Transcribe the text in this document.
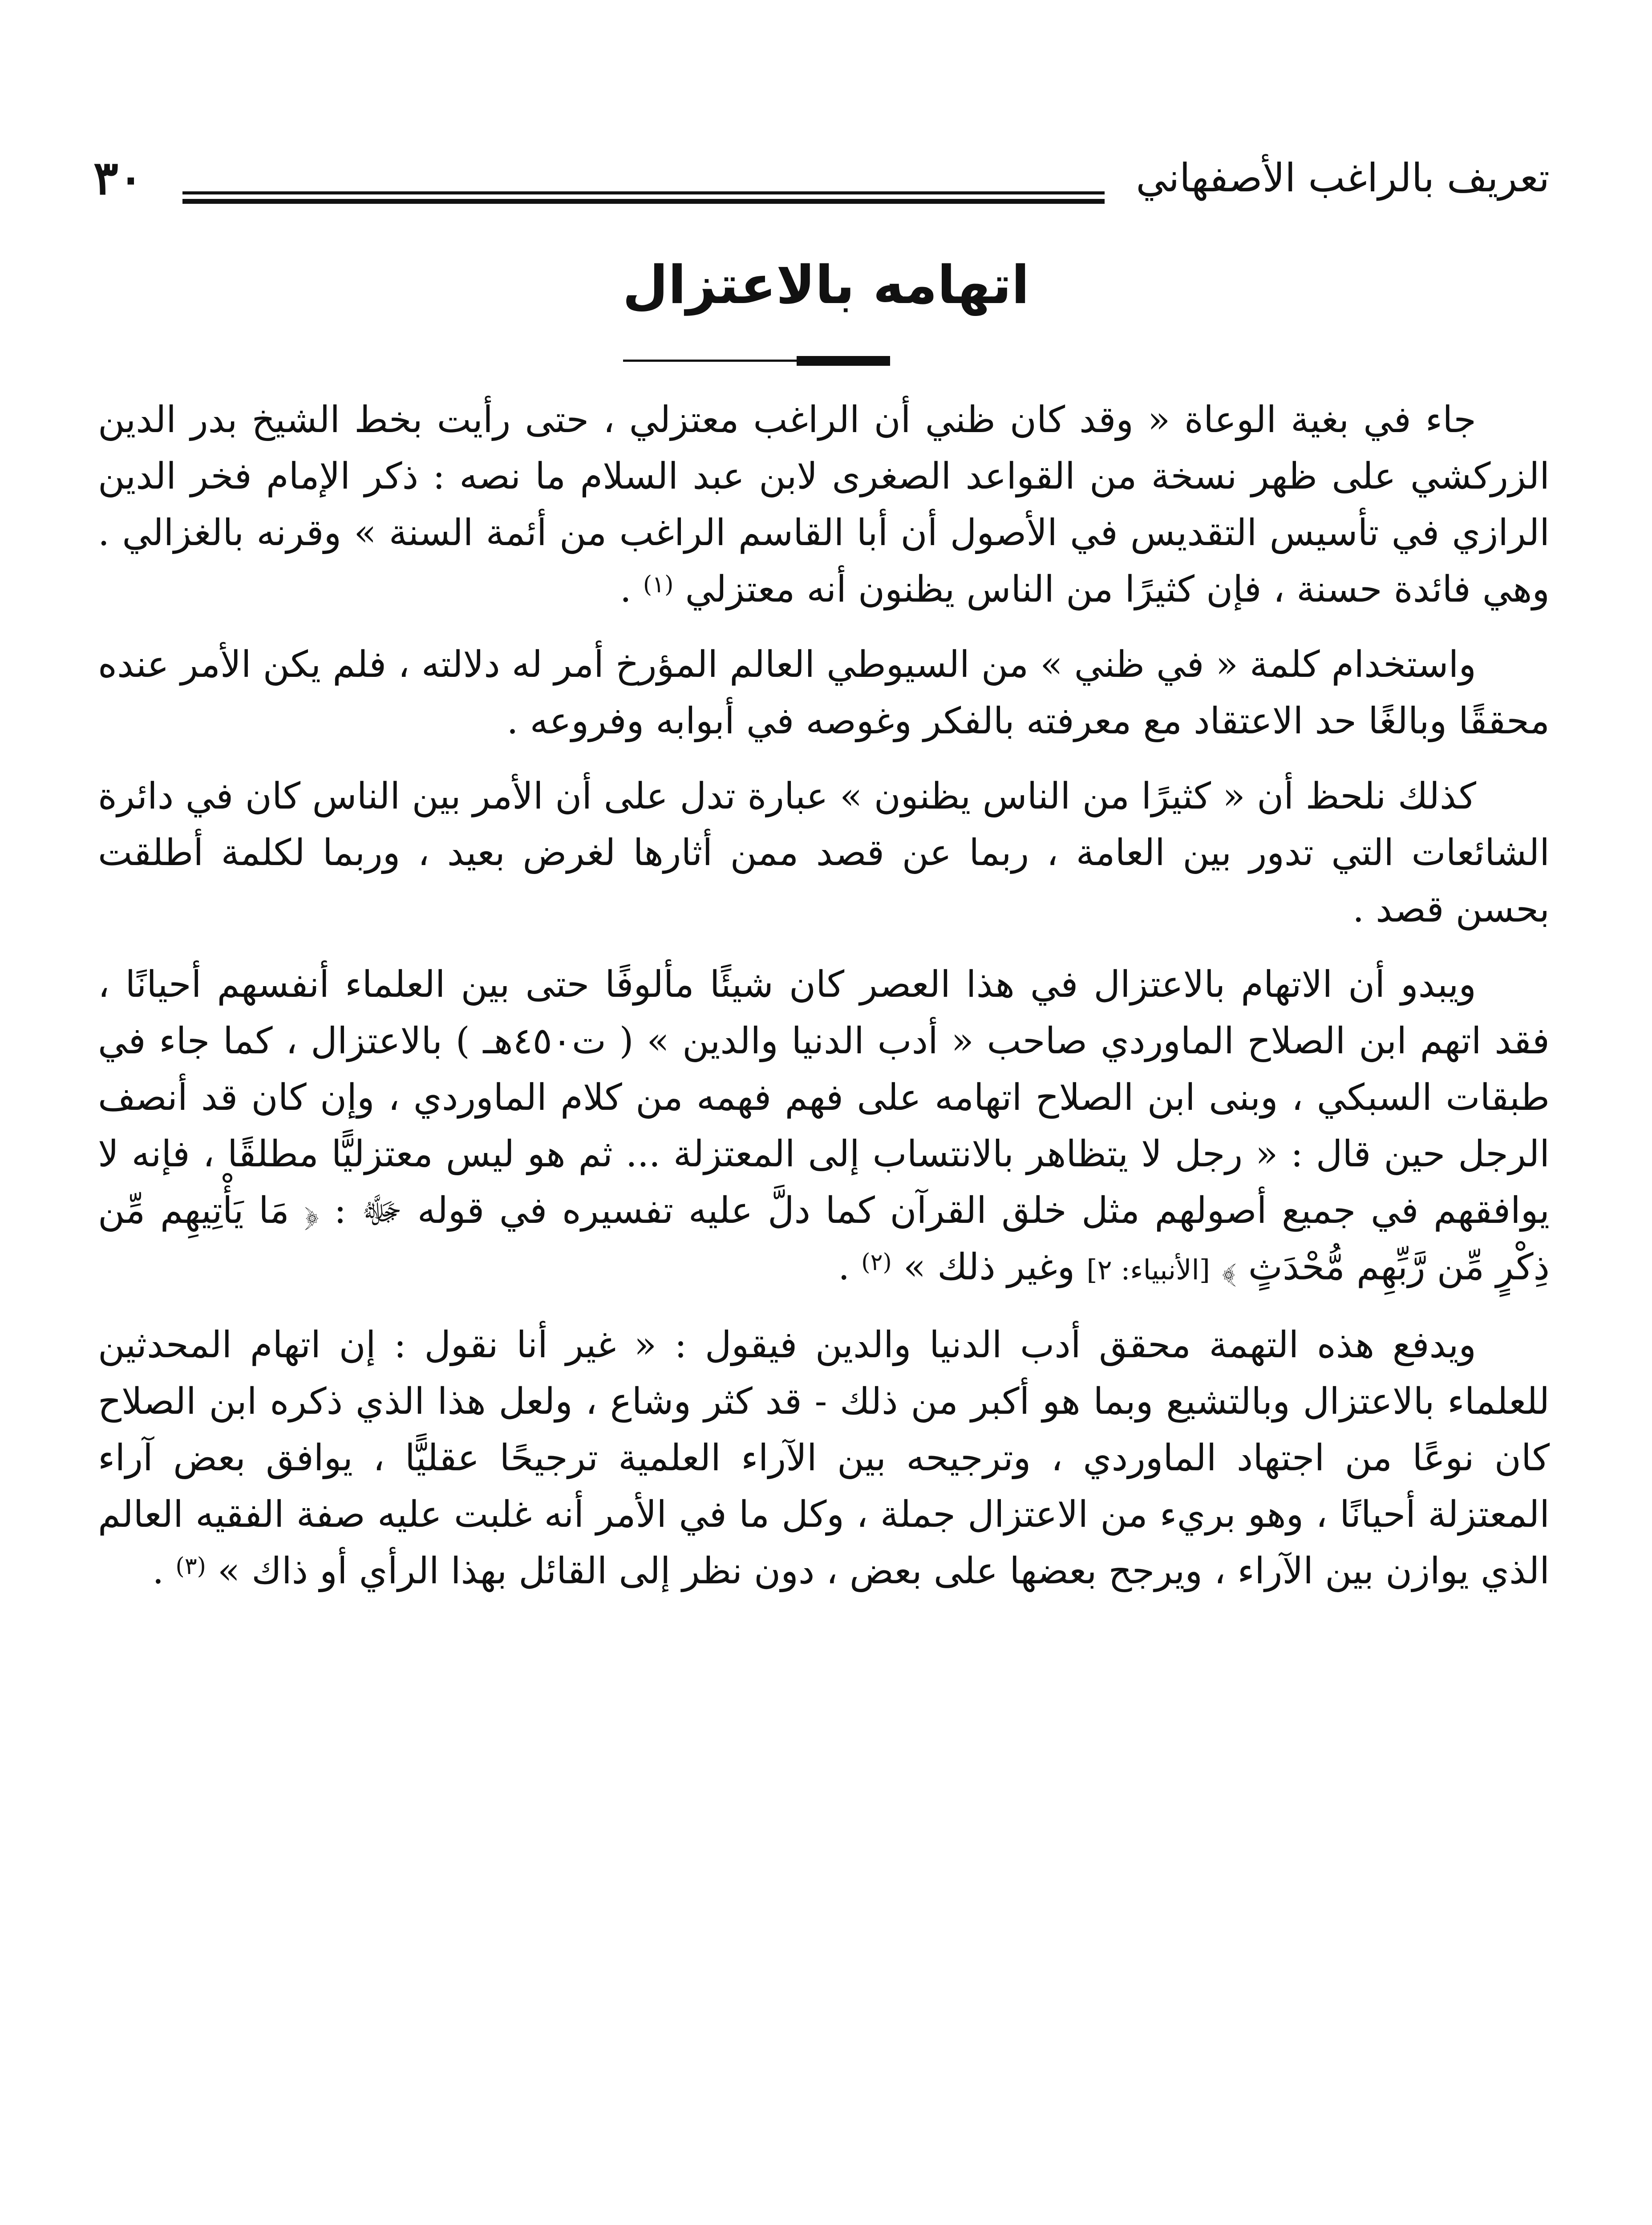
تعريف بالراغب الأصفهاني
٣٠
اتهامه بالاعتزال

جاء في بغية الوعاة « وقد كان ظني أن الراغب معتزلي ، حتى رأيت بخط الشيخ بدر الدين الزركشي على ظهر نسخة من القواعد الصغرى لابن عبد السلام ما نصه : ذكر الإمام فخر الدين الرازي في تأسيس التقديس في الأصول أن أبا القاسم الراغب من أئمة السنة » وقرنه بالغزالي . وهي فائدة حسنة ، فإن كثيرًا من الناس يظنون أنه معتزلي $^{(١)}$ .

واستخدام كلمة « في ظني » من السيوطي العالم المؤرخ أمر له دلالته ، فلم يكن الأمر عنده محققًا وبالغًا حد الاعتقاد مع معرفته بالفكر وغوصه في أبوابه وفروعه .

كذلك نلحظ أن « كثيرًا من الناس يظنون » عبارة تدل على أن الأمر بين الناس كان في دائرة الشائعات التي تدور بين العامة ، ربما عن قصد ممن أثارها لغرض بعيد ، وربما لكلمة أطلقت بحسن قصد .

ويبدو أن الاتهام بالاعتزال في هذا العصر كان شيئًا مألوفًا حتى بين العلماء أنفسهم أحيانًا ، فقد اتهم ابن الصلاح الماوردي صاحب « أدب الدنيا والدين » ( ت٤٥٠هـ ) بالاعتزال ، كما جاء في طبقات السبكي ، وبنى ابن الصلاح اتهامه على فهم فهمه من كلام الماوردي ، وإن كان قد أنصف الرجل حين قال : « رجل لا يتظاهر بالانتساب إلى المعتزلة ... ثم هو ليس معتزليًّا مطلقًا ، فإنه لا يوافقهم في جميع أصولهم مثل خلق القرآن كما دلَّ عليه تفسيره في قوله ﷻ : ﴿ مَا يَأْتِيهِم مِّن ذِكْرٍ مِّن رَّبِّهِم مُّحْدَثٍ ﴾ [الأنبياء: ٢] وغير ذلك » $^{(٢)}$ .

ويدفع هذه التهمة محقق أدب الدنيا والدين فيقول : « غير أنا نقول : إن اتهام المحدثين للعلماء بالاعتزال وبالتشيع وبما هو أكبر من ذلك - قد كثر وشاع ، ولعل هذا الذي ذكره ابن الصلاح كان نوعًا من اجتهاد الماوردي ، وترجيحه بين الآراء العلمية ترجيحًا عقليًّا ، يوافق بعض آراء المعتزلة أحيانًا ، وهو بريء من الاعتزال جملة ، وكل ما في الأمر أنه غلبت عليه صفة الفقيه العالم الذي يوازن بين الآراء ، ويرجح بعضها على بعض ، دون نظر إلى القائل بهذا الرأي أو ذاك » $^{(٣)}$ .
